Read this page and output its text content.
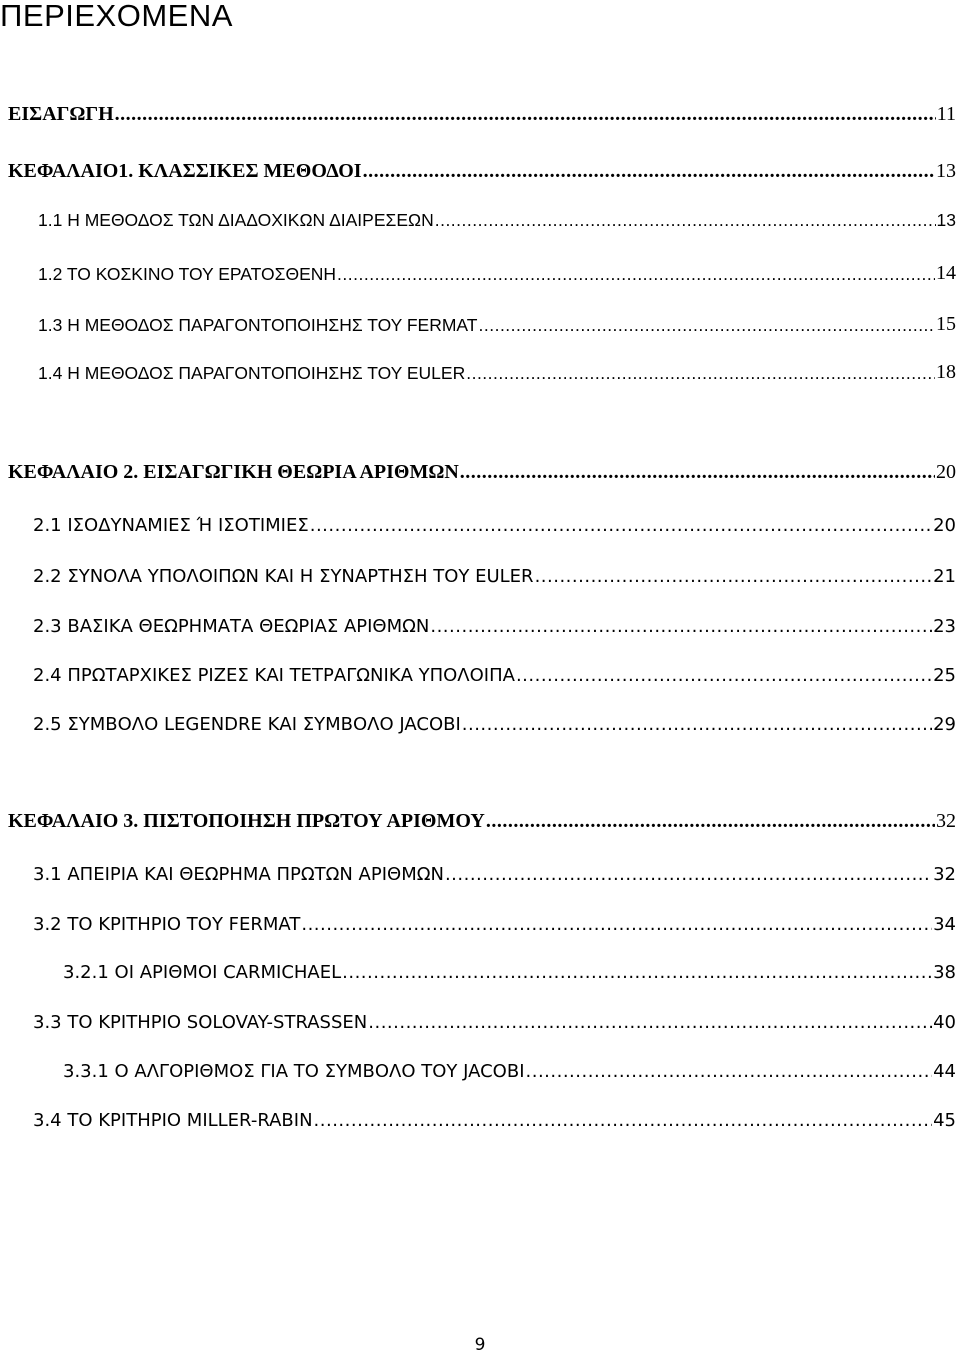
ΠΕΡΙΕΧΟΜΕΝΑ
ΕΙΣΑΓΩΓΗ .....	11
ΚΕΦΑΛΑΙΟ1. ΚΛΑΣΣΙΚΕΣ ΜΕΘΟΔΟΙ .....	13
1.1 Η ΜΕΘΟΔΟΣ ΤΩΝ ΔΙΑΔΟΧΙΚΩΝ ΔΙΑΙΡΕΣΕΩΝ .....	13
1.2 ΤΟ ΚΟΣΚΙΝΟ ΤΟΥ ΕΡΑΤΟΣΘΕΝΗ .....	14
1.3 Η ΜΕΘΟΔΟΣ ΠΑΡΑΓΟΝΤΟΠΟΙΗΣΗΣ ΤΟΥ FERMAT .....	15
1.4 Η ΜΕΘΟΔΟΣ ΠΑΡΑΓΟΝΤΟΠΟΙΗΣΗΣ ΤΟΥ EULER .....	18
ΚΕΦΑΛΑΙΟ 2. ΕΙΣΑΓΩΓΙΚΗ ΘΕΩΡΙΑ ΑΡΙΘΜΩΝ .....	20
2.1 ΙΣΟΔΥΝΑΜΙΕΣ Ή ΙΣΟΤΙΜΙΕΣ .....	20
2.2 ΣΥΝΟΛΑ ΥΠΟΛΟΙΠΩΝ ΚΑΙ Η ΣΥΝΑΡΤΗΣΗ ΤΟΥ EULER .....	21
2.3 ΒΑΣΙΚΑ ΘΕΩΡΗΜΑΤΑ ΘΕΩΡΙΑΣ ΑΡΙΘΜΩΝ .....	23
2.4 ΠΡΩΤΑΡΧΙΚΕΣ ΡΙΖΕΣ ΚΑΙ ΤΕΤΡΑΓΩΝΙΚΑ ΥΠΟΛΟΙΠΑ .....	25
2.5 ΣΥΜΒΟΛΟ LEGENDRE ΚΑΙ ΣΥΜΒΟΛΟ JACOBI .....	29
ΚΕΦΑΛΑΙΟ 3. ΠΙΣΤΟΠΟΙΗΣΗ ΠΡΩΤΟΥ ΑΡΙΘΜΟΥ .....	32
3.1 ΑΠΕΙΡΙΑ ΚΑΙ ΘΕΩΡΗΜΑ ΠΡΩΤΩΝ ΑΡΙΘΜΩΝ .....	32
3.2 ΤΟ ΚΡΙΤΗΡΙΟ ΤΟΥ FERMAT .....	34
3.2.1 ΟΙ ΑΡΙΘΜΟΙ CARMICHAEL .....	38
3.3 ΤΟ ΚΡΙΤΗΡΙΟ SOLOVAY-STRASSEN .....	40
3.3.1 Ο ΑΛΓΟΡΙΘΜΟΣ ΓΙΑ ΤΟ ΣΥΜΒΟΛΟ ΤΟΥ JACOBI .....	44
3.4 ΤΟ ΚΡΙΤΗΡΙΟ MILLER-RABIN .....	45
9
